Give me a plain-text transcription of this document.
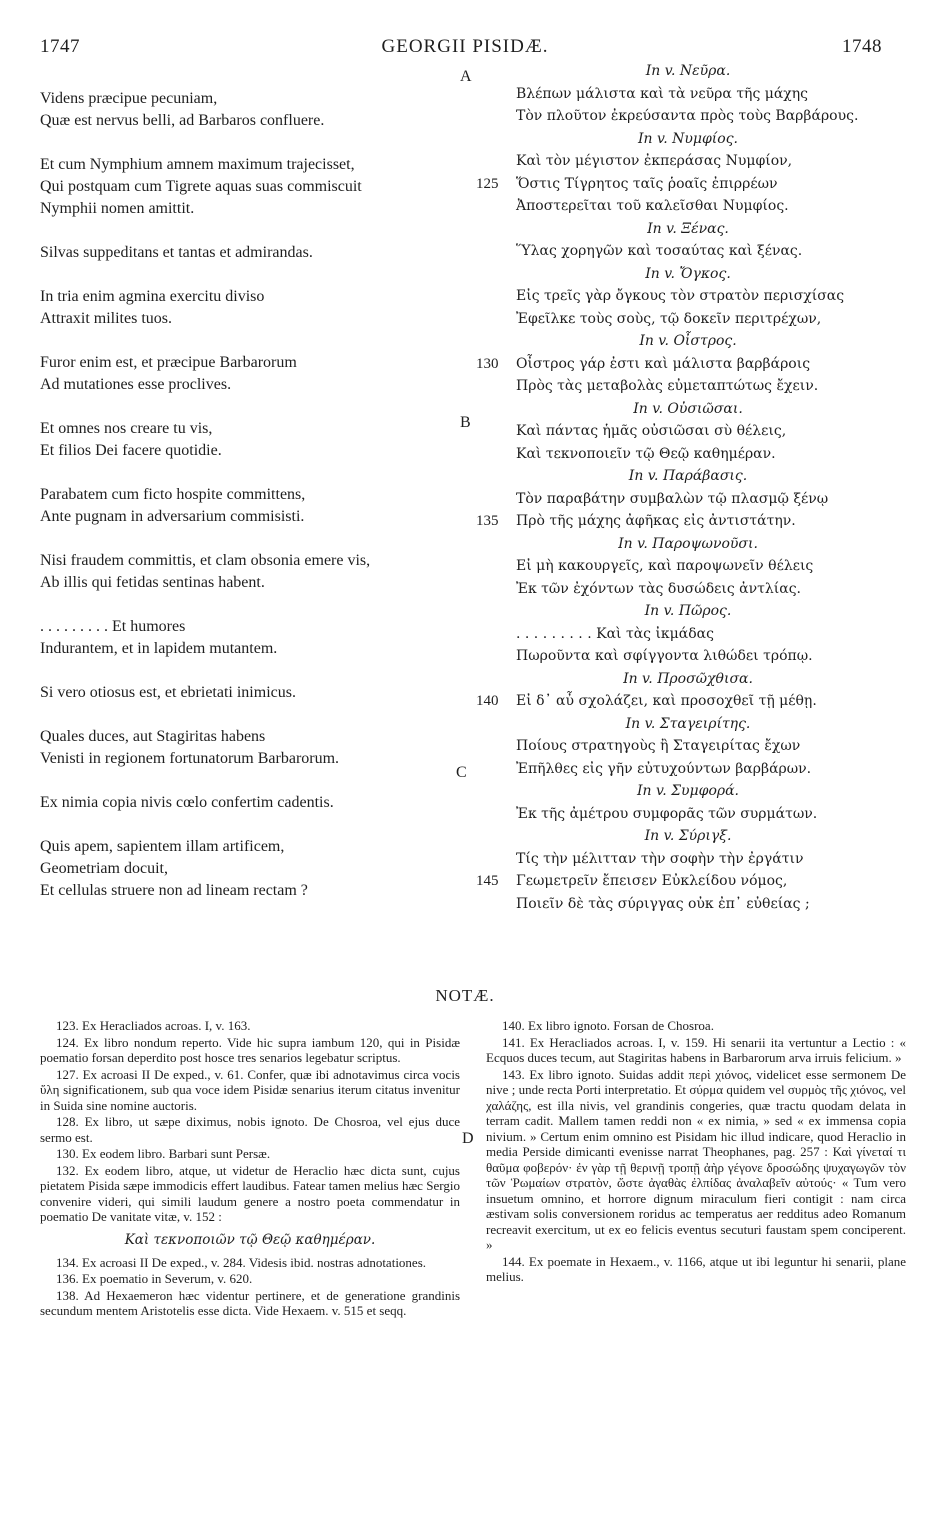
1747	GEORGII PISIDÆ.	1748
A
B
C
D
Videns præcipue pecuniam,
Quæ est nervus belli, ad Barbaros confluere.
Et cum Nymphium amnem maximum trajecisset,
Qui postquam cum Tigrete aquas suas commiscuit
Nymphii nomen amittit.
Silvas suppeditans et tantas et admirandas.
In tria enim agmina exercitu diviso
Attraxit milites tuos.
Furor enim est, et præcipue Barbarorum
Ad mutationes esse proclives.
Et omnes nos creare tu vis,
Et filios Dei facere quotidie.
Parabatem cum ficto hospite committens,
Ante pugnam in adversarium commisisti.
Nisi fraudem committis, et clam obsonia emere vis,
Ab illis qui fetidas sentinas habent.
. . . . . . . . . Et humores
Indurantem, et in lapidem mutantem.
Si vero otiosus est, et ebrietati inimicus.
Quales duces, aut Stagiritas habens
Venisti in regionem fortunatorum Barbarorum.
Ex nimia copia nivis cœlo confertim cadentis.
Quis apem, sapientem illam artificem,
Geometriam docuit,
Et cellulas struere non ad lineam rectam ?
In v. Νεῦρα.
Βλέπων μάλιστα καὶ τὰ νεῦρα τῆς μάχης
Τὸν πλοῦτον ἐκρεύσαντα πρὸς τοὺς Βαρβάρους.
In v. Νυμφίος.
Καὶ τὸν μέγιστον ἐκπεράσας Νυμφίον,
125 Ὅστις Τίγρητος ταῖς ῥοαῖς ἐπιρρέων
Ἀποστερεῖται τοῦ καλεῖσθαι Νυμφίος.
In v. Ξένας.
Ὕλας χορηγῶν καὶ τοσαύτας καὶ ξένας.
In v. Ὄγκος.
Εἰς τρεῖς γὰρ ὄγκους τὸν στρατὸν περισχίσας
Ἐφεῖλκε τοὺς σοὺς, τῷ δοκεῖν περιτρέχων,
In v. Οἶστρος.
130 Οἶστρος γάρ ἐστι καὶ μάλιστα βαρβάροις
Πρὸς τὰς μεταβολὰς εὐμεταπτώτως ἔχειν.
In v. Οὐσιῶσαι.
Καὶ πάντας ἡμᾶς οὐσιῶσαι σὺ θέλεις,
Καὶ τεκνοποιεῖν τῷ Θεῷ καθημέραν.
In v. Παράβασις.
Τὸν παραβάτην συμβαλὼν τῷ πλασμῷ ξένῳ
135 Πρὸ τῆς μάχης ἀφῆκας εἰς ἀντιστάτην.
In v. Παροψωνοῦσι.
Εἰ μὴ κακουργεῖς, καὶ παροψωνεῖν θέλεις
Ἐκ τῶν ἐχόντων τὰς δυσώδεις ἀντλίας.
In v. Πῶρος.
. . . . . . . . . Καὶ τὰς ἰκμάδας
Πωροῦντα καὶ σφίγγοντα λιθώδει τρόπῳ.
In v. Προσῶχθισα.
140 Εἰ δ᾽ αὖ σχολάζει, καὶ προσοχθεῖ τῇ μέθῃ.
In v. Σταγειρίτης.
Ποίους στρατηγοὺς ἢ Σταγειρίτας ἔχων
Ἐπῆλθες εἰς γῆν εὐτυχούντων βαρβάρων.
In v. Συμφορά.
Ἐκ τῆς ἀμέτρου συμφορᾶς τῶν συρμάτων.
In v. Σύριγξ.
Τίς τὴν μέλιτταν τὴν σοφὴν τὴν ἐργάτιν
145 Γεωμετρεῖν ἔπεισεν Εὐκλείδου νόμος,
Ποιεῖν δὲ τὰς σύριγγας οὐκ ἐπ᾽ εὐθείας ;
NOTÆ.

123. Ex Heracliados acroas. I, v. 163.

124. Ex libro nondum reperto. Vide hic supra iambum 120, qui in Pisidæ poematio forsan deperdito post hosce tres senarios legebatur scriptus.

127. Ex acroasi II De exped., v. 61. Confer, quæ ibi adnotavimus circa vocis ὕλη significationem, sub qua voce idem Pisidæ senarius iterum citatus invenitur in Suida sine nomine auctoris.

128. Ex libro, ut sæpe diximus, nobis ignoto. De Chosroa, vel ejus duce sermo est.

130. Ex eodem libro. Barbari sunt Persæ.

132. Ex eodem libro, atque, ut videtur de Heraclio hæc dicta sunt, cujus pietatem Pisida sæpe immodicis effert laudibus. Fatear tamen melius hæc Sergio convenire videri, qui simili laudum genere a nostro poeta commendatur in poematio De vanitate vitæ, v. 152 :

Καὶ τεκνοποιῶν τῷ Θεῷ καθημέραν.

134. Ex acroasi II De exped., v. 284. Videsis ibid. nostras adnotationes.

136. Ex poematio in Severum, v. 620.

138. Ad Hexaemeron hæc videntur pertinere, et de generatione grandinis secundum mentem Aristotelis esse dicta. Vide Hexaem. v. 515 et seqq.

140. Ex libro ignoto. Forsan de Chosroa.

141. Ex Heracliados acroas. I, v. 159. Hi senarii ita vertuntur a Lectio : « Ecquos duces tecum, aut Stagiritas habens in Barbarorum arva irruis felicium. »

143. Ex libro ignoto. Suidas addit περὶ χιόνος, videlicet esse sermonem De nive ; unde recta Porti interpretatio. Et σύρμα quidem vel συρμὸς τῆς χιόνος, vel χαλάζης, est illa nivis, vel grandinis congeries, quæ tractu quodam delata in terram cadit. Mallem tamen reddi non « ex nimia, » sed « ex immensa copia nivium. » Certum enim omnino est Pisidam hic illud indicare, quod Heraclio in media Perside dimicanti evenisse narrat Theophanes, pag. 257 : Καὶ γίνεταί τι θαῦμα φοβερόν· ἐν γὰρ τῇ θερινῇ τροπῇ ἀὴρ γέγονε δροσώδης ψυχαγωγῶν τὸν τῶν Ῥωμαίων στρατὸν, ὥστε ἀγαθὰς ἐλπίδας ἀναλαβεῖν αὐτούς· « Tum vero insuetum omnino, et horrore dignum miraculum fieri contigit : nam circa æstivam solis conversionem roridus ac temperatus aer redditus adeo Romanum recreavit exercitum, ut ex eo felicis eventus secuturi faustam spem conciperent. »

144. Ex poemate in Hexaem., v. 1166, atque ut ibi leguntur hi senarii, plane melius.
